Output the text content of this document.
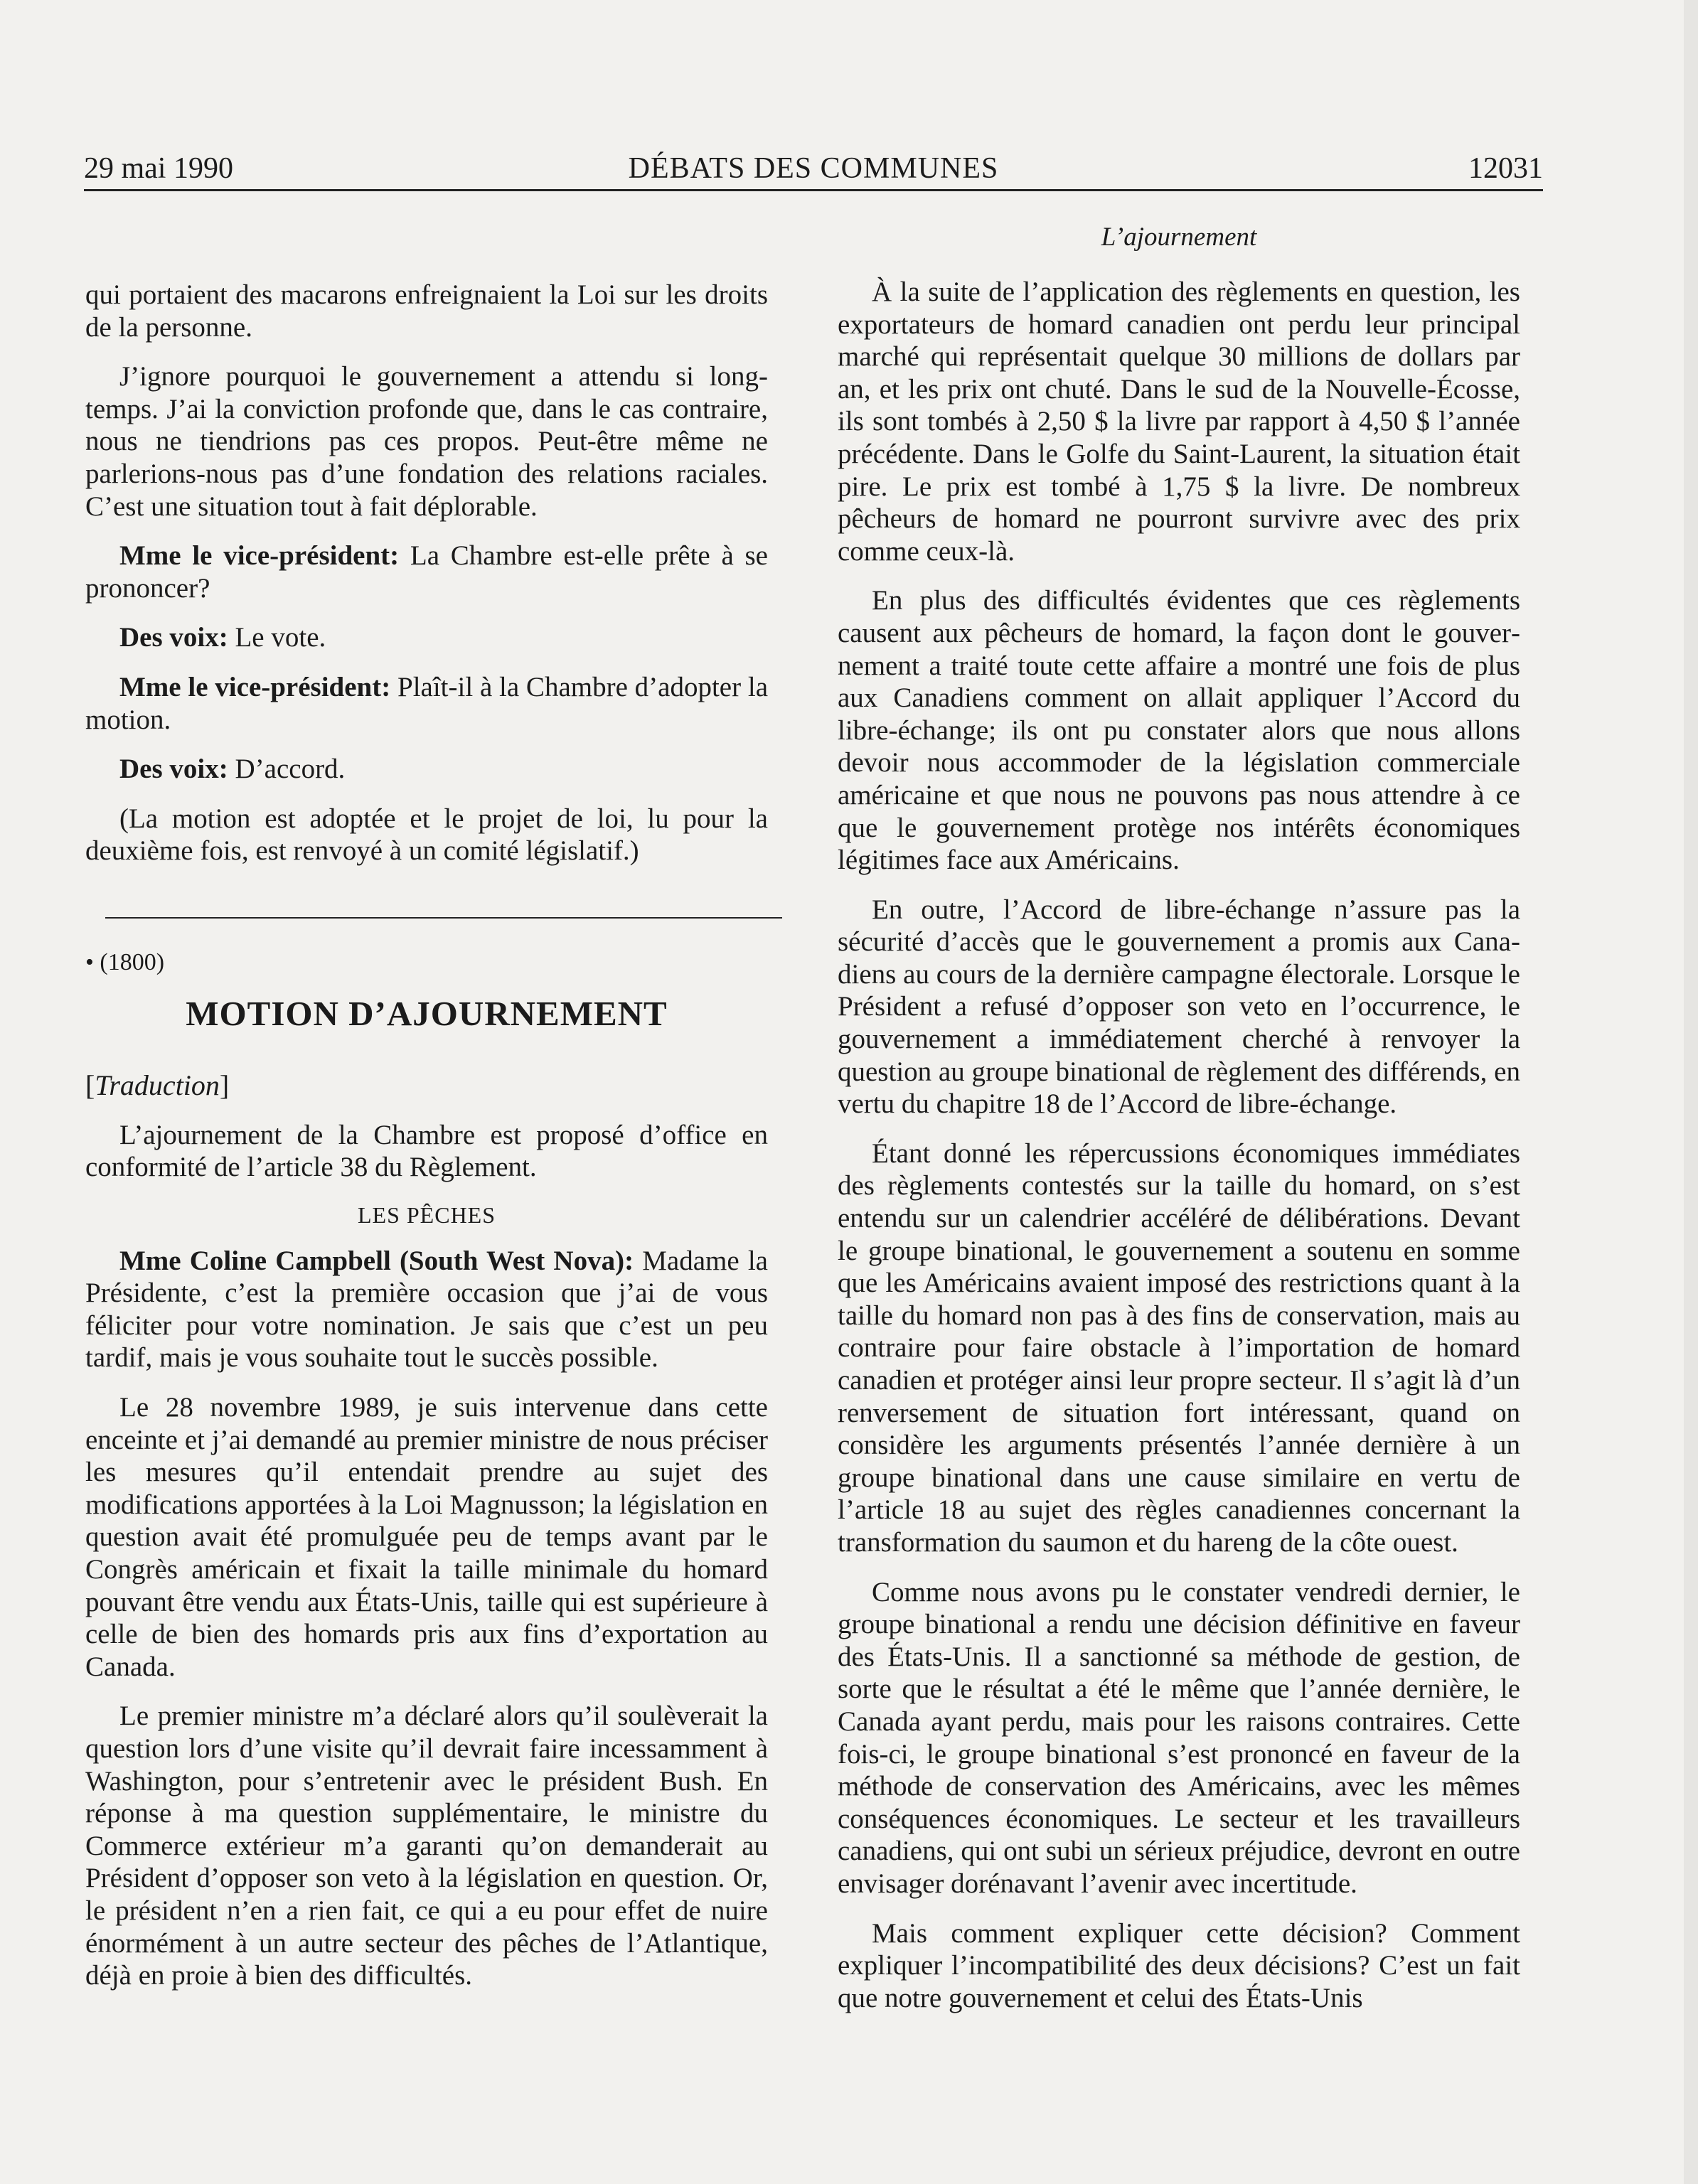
29 mai 1990	DÉBATS DES COMMUNES	12031
L’ajournement

qui portaient des macarons enfreignaient la Loi sur les droits de la personne.

J’ignore pourquoi le gouvernement a attendu si longtemps. J’ai la conviction profonde que, dans le cas contraire, nous ne tiendrions pas ces propos. Peut-être même ne parlerions-nous pas d’une fondation des relations raciales. C’est une situation tout à fait déplorable.

Mme le vice-président: La Chambre est-elle prête à se prononcer?

Des voix: Le vote.

Mme le vice-président: Plaît-il à la Chambre d’adopter la motion.

Des voix: D’accord.

(La motion est adoptée et le projet de loi, lu pour la deuxième fois, est renvoyé à un comité législatif.)

• (1800)

MOTION D’AJOURNEMENT

[Traduction]

L’ajournement de la Chambre est proposé d’office en conformité de l’article 38 du Règlement.

LES PÊCHES

Mme Coline Campbell (South West Nova): Madame la Présidente, c’est la première occasion que j’ai de vous féliciter pour votre nomination. Je sais que c’est un peu tardif, mais je vous souhaite tout le succès possible.

Le 28 novembre 1989, je suis intervenue dans cette enceinte et j’ai demandé au premier ministre de nous préciser les mesures qu’il entendait prendre au sujet des modifications apportées à la Loi Magnusson; la législation en question avait été promulguée peu de temps avant par le Congrès américain et fixait la taille minimale du homard pouvant être vendu aux États-Unis, taille qui est supérieure à celle de bien des homards pris aux fins d’exportation au Canada.

Le premier ministre m’a déclaré alors qu’il soulèverait la question lors d’une visite qu’il devrait faire incessamment à Washington, pour s’entretenir avec le président Bush. En réponse à ma question supplémentaire, le ministre du Commerce extérieur m’a garanti qu’on demanderait au Président d’opposer son veto à la législation en question. Or, le président n’en a rien fait, ce qui a eu pour effet de nuire énormément à un autre secteur des pêches de l’Atlantique, déjà en proie à bien des difficultés.

À la suite de l’application des règlements en question, les exportateurs de homard canadien ont perdu leur principal marché qui représentait quelque 30 millions de dollars par an, et les prix ont chuté. Dans le sud de la Nouvelle-Écosse, ils sont tombés à 2,50 $ la livre par rapport à 4,50 $ l’année précédente. Dans le Golfe du Saint-Laurent, la situation était pire. Le prix est tombé à 1,75 $ la livre. De nombreux pêcheurs de homard ne pourront survivre avec des prix comme ceux-là.

En plus des difficultés évidentes que ces règlements causent aux pêcheurs de homard, la façon dont le gouvernement a traité toute cette affaire a montré une fois de plus aux Canadiens comment on allait appliquer l’Accord du libre-échange; ils ont pu constater alors que nous allons devoir nous accommoder de la législation commerciale américaine et que nous ne pouvons pas nous attendre à ce que le gouvernement protège nos intérêts économiques légitimes face aux Américains.

En outre, l’Accord de libre-échange n’assure pas la sécurité d’accès que le gouvernement a promis aux Canadiens au cours de la dernière campagne électorale. Lorsque le Président a refusé d’opposer son veto en l’occurrence, le gouvernement a immédiatement cherché à renvoyer la question au groupe binational de règlement des différends, en vertu du chapitre 18 de l’Accord de libre-échange.

Étant donné les répercussions économiques immédiates des règlements contestés sur la taille du homard, on s’est entendu sur un calendrier accéléré de délibérations. Devant le groupe binational, le gouvernement a soutenu en somme que les Américains avaient imposé des restrictions quant à la taille du homard non pas à des fins de conservation, mais au contraire pour faire obstacle à l’importation de homard canadien et protéger ainsi leur propre secteur. Il s’agit là d’un renversement de situation fort intéressant, quand on considère les arguments présentés l’année dernière à un groupe binational dans une cause similaire en vertu de l’article 18 au sujet des règles canadiennes concernant la transformation du saumon et du hareng de la côte ouest.

Comme nous avons pu le constater vendredi dernier, le groupe binational a rendu une décision définitive en faveur des États-Unis. Il a sanctionné sa méthode de gestion, de sorte que le résultat a été le même que l’année dernière, le Canada ayant perdu, mais pour les raisons contraires. Cette fois-ci, le groupe binational s’est prononcé en faveur de la méthode de conservation des Américains, avec les mêmes conséquences économiques. Le secteur et les travailleurs canadiens, qui ont subi un sérieux préjudice, devront en outre envisager dorénavant l’avenir avec incertitude.

Mais comment expliquer cette décision? Comment expliquer l’incompatibilité des deux décisions? C’est un fait que notre gouvernement et celui des États-Unis
